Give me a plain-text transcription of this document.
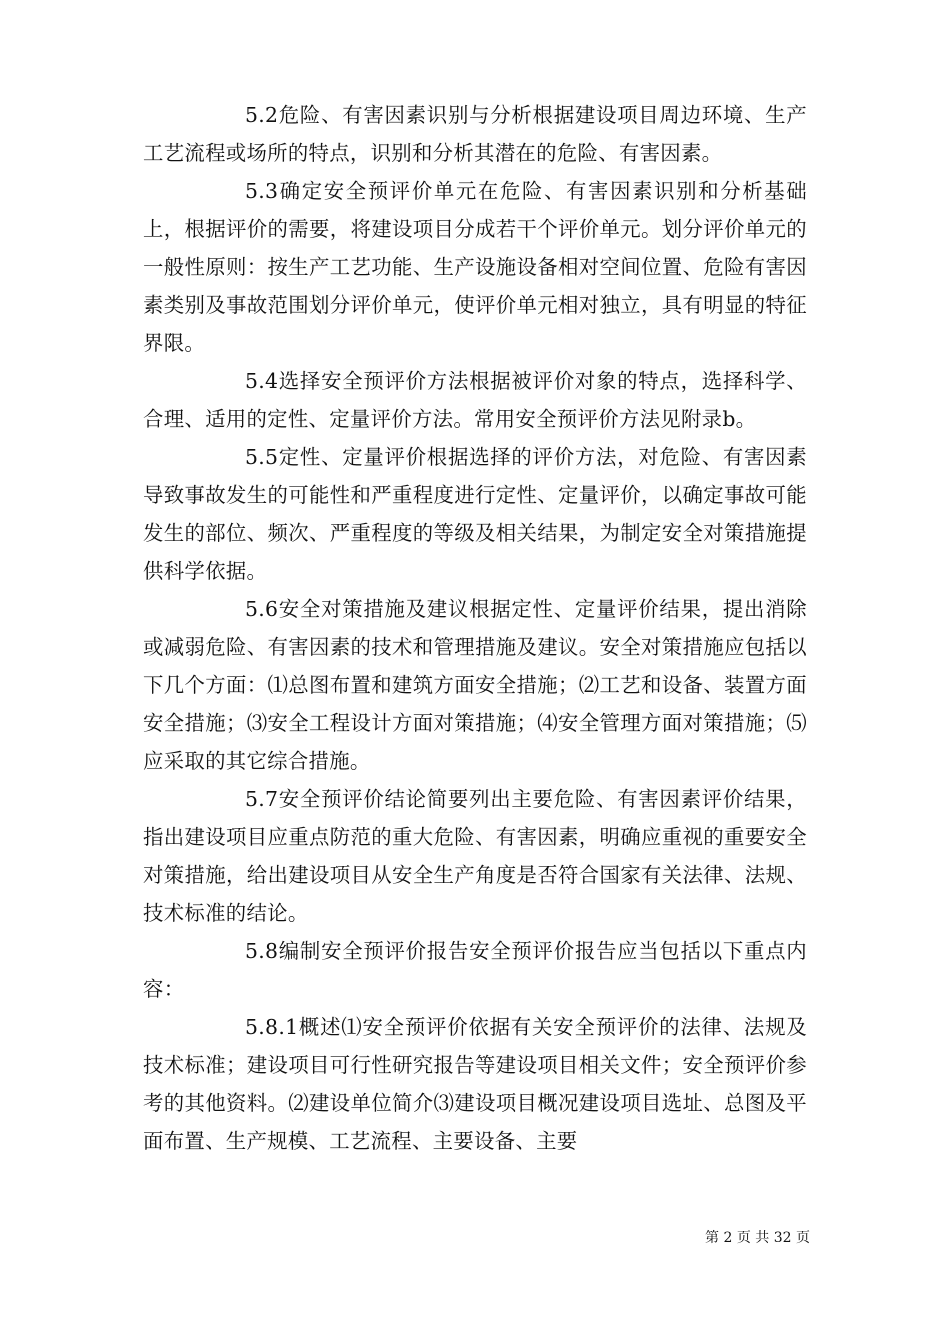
5.2危险、有害因素识别与分析根据建设项目周边环境、生产工艺流程或场所的特点，识别和分析其潜在的危险、有害因素。

5.3确定安全预评价单元在危险、有害因素识别和分析基础上，根据评价的需要，将建设项目分成若干个评价单元。划分评价单元的一般性原则：按生产工艺功能、生产设施设备相对空间位置、危险有害因素类别及事故范围划分评价单元，使评价单元相对独立，具有明显的特征界限。

5.4选择安全预评价方法根据被评价对象的特点，选择科学、合理、适用的定性、定量评价方法。常用安全预评价方法见附录b。

5.5定性、定量评价根据选择的评价方法，对危险、有害因素导致事故发生的可能性和严重程度进行定性、定量评价，以确定事故可能发生的部位、频次、严重程度的等级及相关结果，为制定安全对策措施提供科学依据。

5.6安全对策措施及建议根据定性、定量评价结果，提出消除或减弱危险、有害因素的技术和管理措施及建议。安全对策措施应包括以下几个方面：⑴总图布置和建筑方面安全措施；⑵工艺和设备、装置方面安全措施；⑶安全工程设计方面对策措施；⑷安全管理方面对策措施；⑸应采取的其它综合措施。

5.7安全预评价结论简要列出主要危险、有害因素评价结果，指出建设项目应重点防范的重大危险、有害因素，明确应重视的重要安全对策措施，给出建设项目从安全生产角度是否符合国家有关法律、法规、技术标准的结论。

5.8编制安全预评价报告安全预评价报告应当包括以下重点内容：

5.8.1概述⑴安全预评价依据有关安全预评价的法律、法规及技术标准；建设项目可行性研究报告等建设项目相关文件；安全预评价参考的其他资料。⑵建设单位简介⑶建设项目概况建设项目选址、总图及平面布置、生产规模、工艺流程、主要设备、主要

第 2 页 共 32 页
